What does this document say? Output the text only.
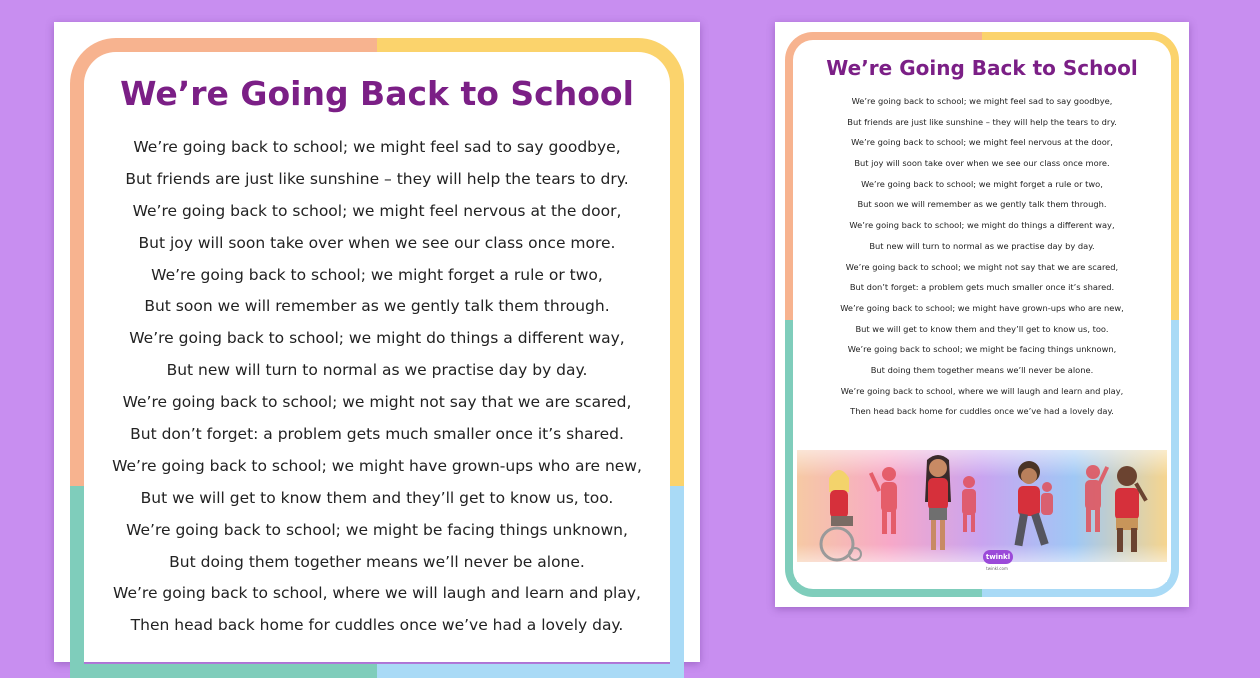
We’re Going Back to School
We’re going back to school; we might feel sad to say goodbye,
But friends are just like sunshine – they will help the tears to dry.
We’re going back to school; we might feel nervous at the door,
But joy will soon take over when we see our class once more.
We’re going back to school; we might forget a rule or two,
But soon we will remember as we gently talk them through.
We’re going back to school; we might do things a different way,
But new will turn to normal as we practise day by day.
We’re going back to school; we might not say that we are scared,
But don’t forget: a problem gets much smaller once it’s shared.
We’re going back to school; we might have grown-ups who are new,
But we will get to know them and they’ll get to know us, too.
We’re going back to school; we might be facing things unknown,
But doing them together means we’ll never be alone.
We’re going back to school, where we will laugh and learn and play,
Then head back home for cuddles once we’ve had a lovely day.
We’re Going Back to School
We’re going back to school; we might feel sad to say goodbye,
But friends are just like sunshine – they will help the tears to dry.
We’re going back to school; we might feel nervous at the door,
But joy will soon take over when we see our class once more.
We’re going back to school; we might forget a rule or two,
But soon we will remember as we gently talk them through.
We’re going back to school; we might do things a different way,
But new will turn to normal as we practise day by day.
We’re going back to school; we might not say that we are scared,
But don’t forget: a problem gets much smaller once it’s shared.
We’re going back to school; we might have grown-ups who are new,
But we will get to know them and they’ll get to know us, too.
We’re going back to school; we might be facing things unknown,
But doing them together means we’ll never be alone.
We’re going back to school, where we will laugh and learn and play,
Then head back home for cuddles once we’ve had a lovely day.
twinkl
twinkl.com
